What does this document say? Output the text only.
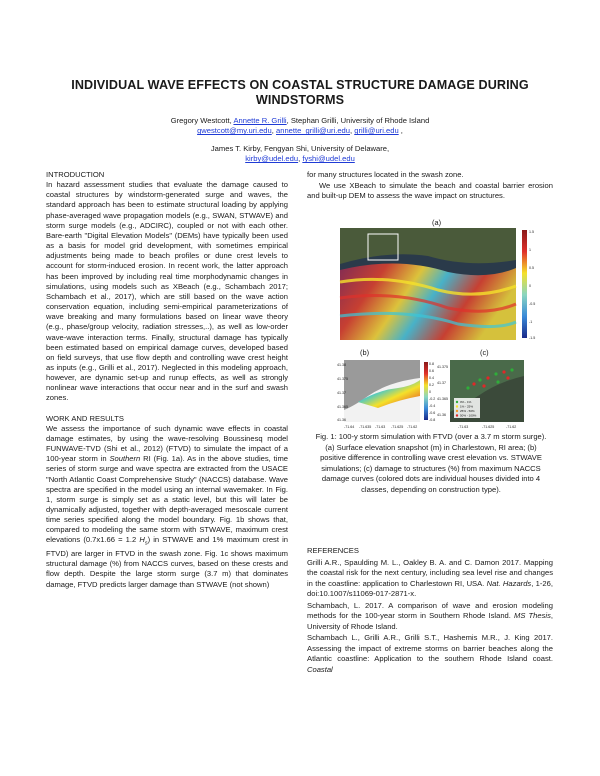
INDIVIDUAL WAVE EFFECTS ON COASTAL STRUCTURE DAMAGE DURING
WINDSTORMS
Gregory Westcott, Annette R. Grilli, Stephan Grilli, University of Rhode Island
gwestcott@my.uri.edu, annette_grilli@uri.edu, grilli@uri.edu ,
James T. Kirby, Fengyan Shi, University of Delaware,
kirby@udel.edu, fyshi@udel.edu
INTRODUCTION
In hazard assessment studies that evaluate the damage caused to coastal structures by windstorm-generated surge and waves, the standard approach has been to estimate structural loading by applying phase-averaged wave propagation models (e.g., SWAN, STWAVE) and storm surge models (e.g., ADCIRC), coupled or not with each other. Bare-earth "Digital Elevation Models" (DEMs) have typically been used as a basis for model grid development, with sometimes empirical adjustments being made to beach profiles or dune crest levels to account for storm-induced erosion. In recent work, the latter approach has been improved by including real time morphodynamic changes in simulations, using models such as XBeach (e.g., Schambach 2017; Schambach et al., 2017), which are still based on the wave action conservation equation, including semi-empirical parameterizations of wave breaking and many formulations based on linear wave theory (e.g., phase/group velocity, radiation stresses,..), as well as low-order wave-wave interaction terms. Finally, structural damage has typically been estimated based on empirical damage curves, developed based on field surveys, that use flow depth and controlling wave crest height as inputs (e.g., Grilli et al., 2017). Neglected in this modeling approach, however, are dynamic set-up and runup effects, as well as strongly nonlinear wave interactions that occur near and in the surf and swash zones.
WORK AND RESULTS
We assess the importance of such dynamic wave effects in coastal damage estimates, by using the wave-resolving Boussinesq model FUNWAVE-TVD (Shi et al., 2012) (FTVD) to simulate the impact of a 100-year storm in Southern RI (Fig. 1a). As in the above studies, time series of storm surge and wave spectra are extracted from the USACE "North Atlantic Coast Comprehensive Study" (NACCS) database. Wave spectra are specified in the model using an internal wavemaker. In Fig. 1, storm surge is simply set as a static level, but this will later be dynamically adjusted, together with depth-averaged mesoscale current time series specified along the model boundary. Fig. 1b shows that, compared to modeling the same storm with STWAVE, maximum crest elevations (0.7x1.66 = 1.2 $H_s$) in STWAVE and 1% maximum crest in FTVD) are larger in FTVD in the swash zone. Fig. 1c shows maximum structural damage (%) from NACCS curves, based on these crests and flow depth. Despite the large storm surge (3.7 m) that dominates damage, FTVD predicts larger damage than STWAVE (not shown)
for many structures located in the swash zone.
We use XBeach to simulate the beach and coastal barrier erosion and built-up DEM to assess the wave impact on structures.
(a)
1.5
1
0.5
0
-0.5
-1
-1.5
0.8
0.6
0.4
0.2
0
-0.2
-0.4
-0.6
-0.8
41.38
41.375
41.37
41.365
41.36
-71.64 -71.635 -71.63 -71.625 -71.62
41.375
41.37
41.365
41.36
-71.63	-71.625	-71.62
0% - 1%
1% - 25%
25% - 50%
50% - 100%
(b)	(c)
Fig. 1: 100-y storm simulation with FTVD (over a 3.7 m storm surge). (a) Surface elevation snapshot (m) in Charlestown, RI area; (b) positive difference in controlling wave crest elevation vs. STWAVE simulations; (c) damage to structures (%) from maximum NACCS damage curves (colored dots are individual houses divided into 4 classes, depending on construction type).
REFERENCES
Grilli A.R., Spaulding M. L., Oakley B. A. and C. Damon 2017. Mapping the coastal risk for the next century, including sea level rise and changes in the coastline: application to Charlestown RI, USA. Nat. Hazards, 1-26, doi:10.1007/s11069-017-2871-x.
Schambach, L. 2017. A comparison of wave and erosion modeling methods for the 100-year storm in Southern Rhode Island. MS Thesis, University of Rhode Island.
Schambach L., Grilli A.R., Grilli S.T., Hashemis M.R., J. King 2017. Assessing the impact of extreme storms on barrier beaches along the Atlantic coastline: Application to the southern Rhode Island coast. Coastal
